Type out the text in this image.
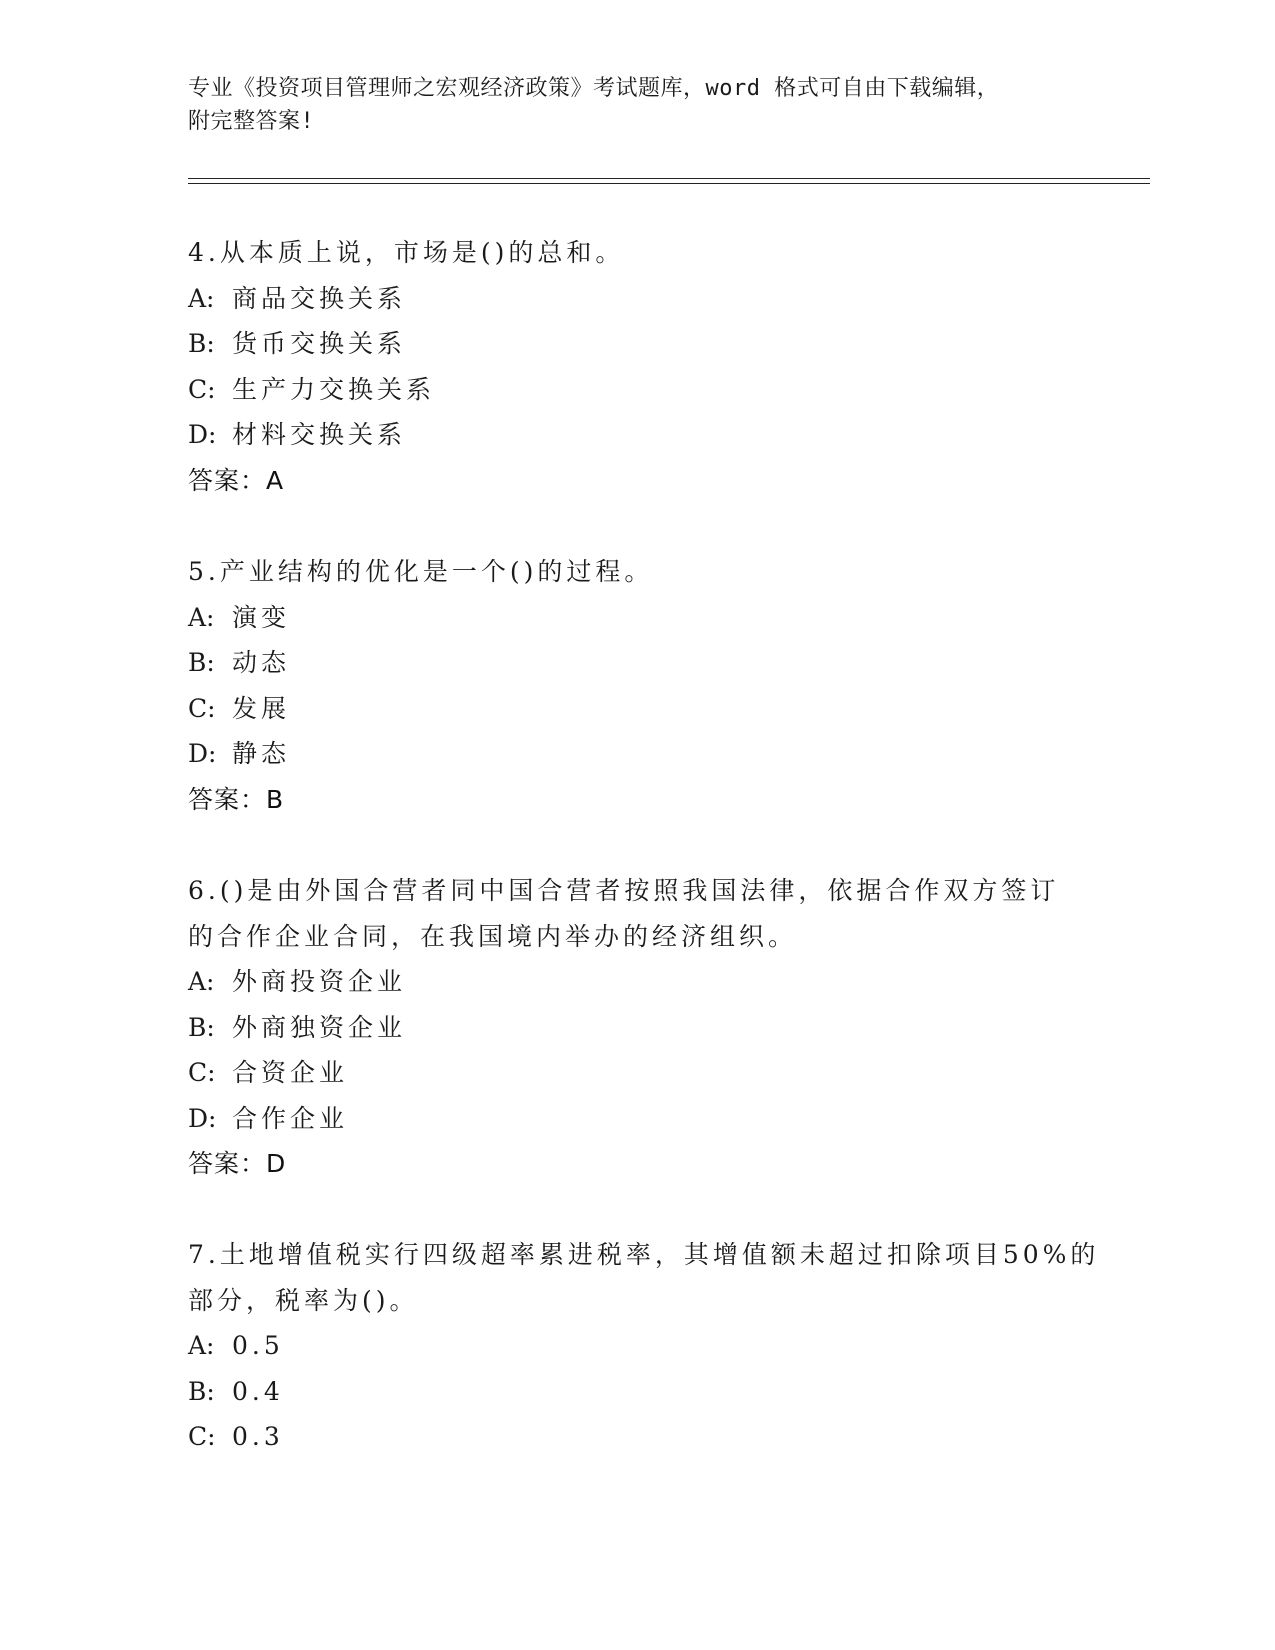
专业《投资项目管理师之宏观经济政策》考试题库，word 格式可自由下载编辑，
附完整答案!
4.从本质上说，市场是()的总和。
A: 商品交换关系
B: 货币交换关系
C: 生产力交换关系
D: 材料交换关系
答案：A
5.产业结构的优化是一个()的过程。
A: 演变
B: 动态
C: 发展
D: 静态
答案：B
6.()是由外国合营者同中国合营者按照我国法律，依据合作双方签订
的合作企业合同，在我国境内举办的经济组织。
A: 外商投资企业
B: 外商独资企业
C: 合资企业
D: 合作企业
答案：D
7.土地增值税实行四级超率累进税率，其增值额未超过扣除项目50%的
部分，税率为()。
A: 0.5
B: 0.4
C: 0.3
